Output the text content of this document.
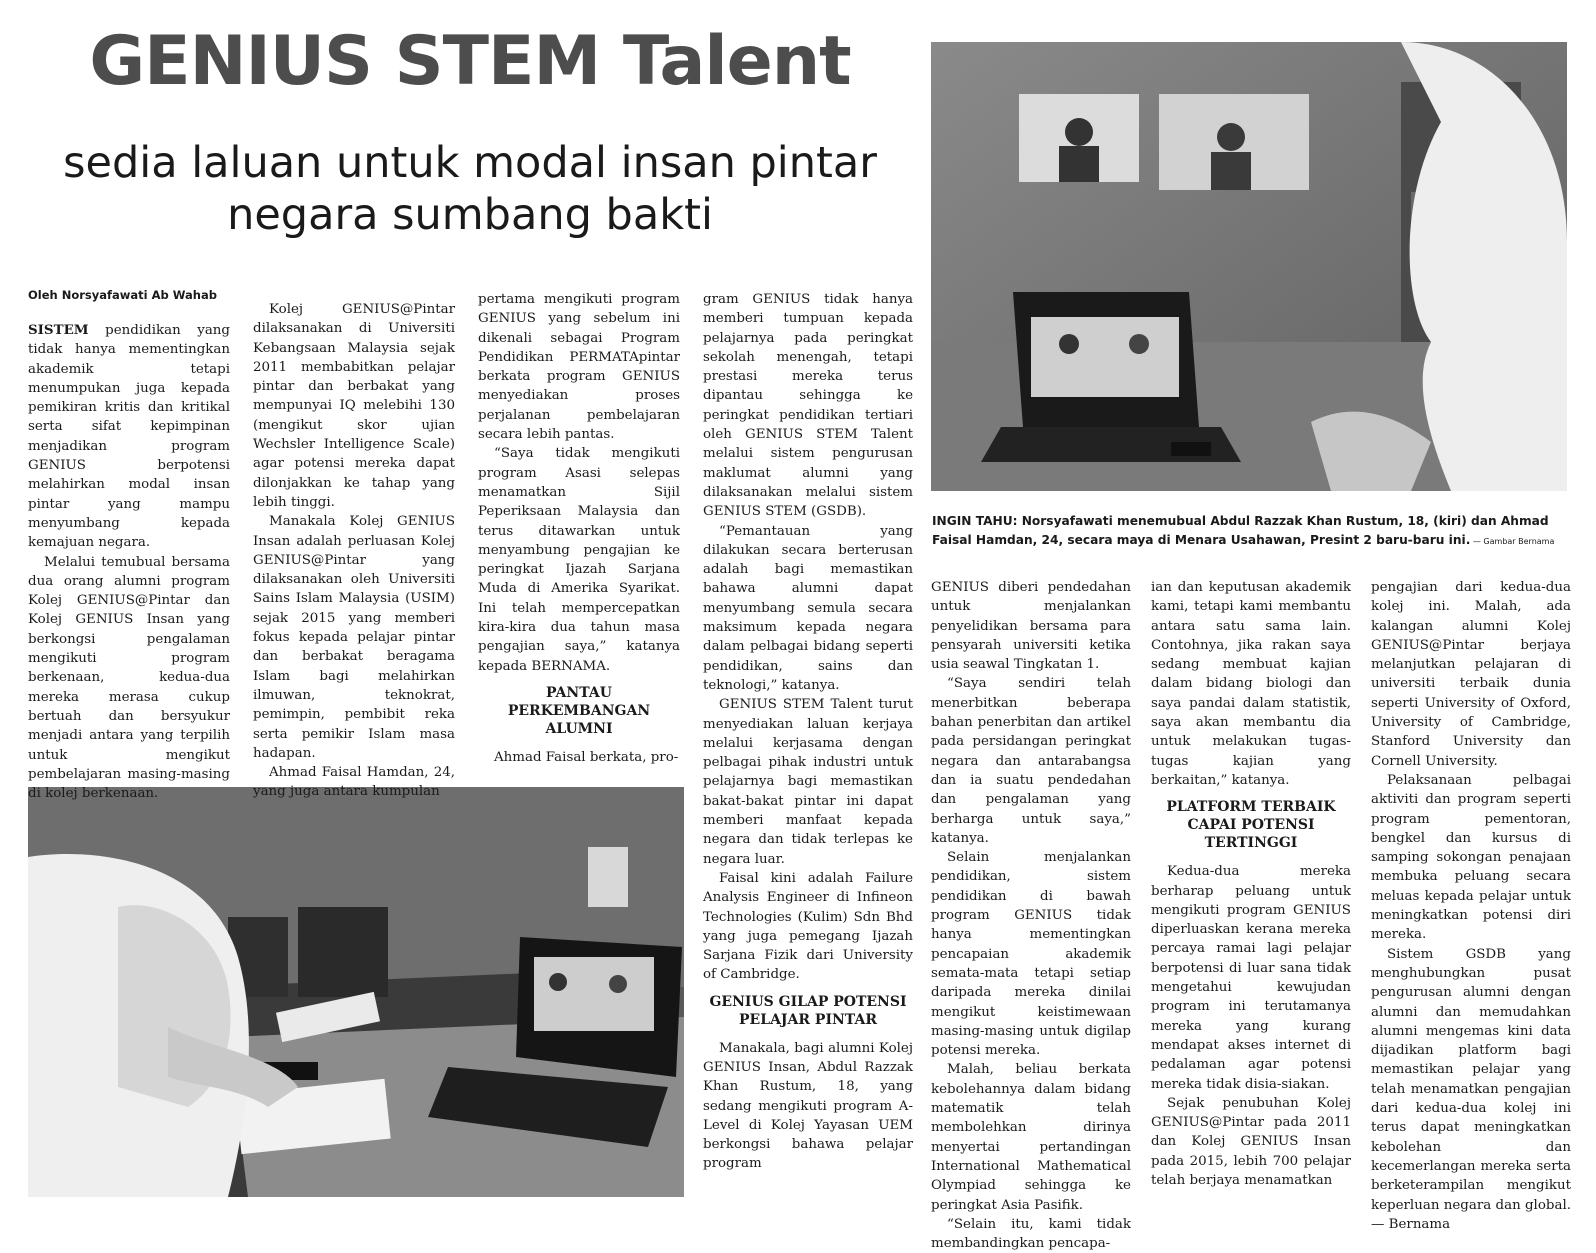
GENIUS STEM Talent
sedia laluan untuk modal insan pintar negara sumbang bakti
Oleh Norsyafawati Ab Wahab
INGIN TAHU: Norsyafawati menemubual Abdul Razzak Khan Rustum, 18, (kiri) dan Ahmad Faisal Hamdan, 24, secara maya di Menara Usahawan, Presint 2 baru-baru ini. — Gambar Bernama

SISTEM pendidikan yang tidak hanya mementingkan akademik tetapi menumpukan juga kepada pemikiran kritis dan kritikal serta sifat kepimpinan menjadikan program GENIUS berpotensi melahirkan modal insan pintar yang mampu menyumbang kepada kemajuan negara.

Melalui temubual bersama dua orang alumni program Kolej GENIUS@Pintar dan Kolej GENIUS Insan yang berkongsi pengalaman mengikuti program berkenaan, kedua-dua mereka merasa cukup bertuah dan bersyukur menjadi antara yang terpilih untuk mengikut pembelajaran masing-masing di kolej berkenaan.

Kolej GENIUS@Pintar dilaksanakan di Universiti Kebangsaan Malaysia sejak 2011 membabitkan pelajar pintar dan berbakat yang mempunyai IQ melebihi 130 (mengikut skor ujian Wechsler Intelligence Scale) agar potensi mereka dapat dilonjakkan ke tahap yang lebih tinggi.

Manakala Kolej GENIUS Insan adalah perluasan Kolej GENIUS@Pintar yang dilaksanakan oleh Universiti Sains Islam Malaysia (USIM) sejak 2015 yang memberi fokus kepada pelajar pintar dan berbakat beragama Islam bagi melahirkan ilmuwan, teknokrat, pemimpin, pembibit reka serta pemikir Islam masa hadapan.

Ahmad Faisal Hamdan, 24, yang juga antara kumpulan

pertama mengikuti program GENIUS yang sebelum ini dikenali sebagai Program Pendidikan PERMATApintar berkata program GENIUS menyediakan proses perjalanan pembelajaran secara lebih pantas.

“Saya tidak mengikuti program Asasi selepas menamatkan Sijil Peperiksaan Malaysia dan terus ditawarkan untuk menyambung pengajian ke peringkat Ijazah Sarjana Muda di Amerika Syarikat. Ini telah mempercepatkan kira-kira dua tahun masa pengajian saya,” katanya kepada BERNAMA.

PANTAU PERKEMBANGAN ALUMNI

Ahmad Faisal berkata, pro-

gram GENIUS tidak hanya memberi tumpuan kepada pelajarnya pada peringkat sekolah menengah, tetapi prestasi mereka terus dipantau sehingga ke peringkat pendidikan tertiari oleh GENIUS STEM Talent melalui sistem pengurusan maklumat alumni yang dilaksanakan melalui sistem GENIUS STEM (GSDB).

“Pemantauan yang dilakukan secara berterusan adalah bagi memastikan bahawa alumni dapat menyumbang semula secara maksimum kepada negara dalam pelbagai bidang seperti pendidikan, sains dan teknologi,” katanya.

GENIUS STEM Talent turut menyediakan laluan kerjaya melalui kerjasama dengan pelbagai pihak industri untuk pelajarnya bagi memastikan bakat-bakat pintar ini dapat memberi manfaat kepada negara dan tidak terlepas ke negara luar.

Faisal kini adalah Failure Analysis Engineer di Infineon Technologies (Kulim) Sdn Bhd yang juga pemegang Ijazah Sarjana Fizik dari University of Cambridge.

GENIUS GILAP POTENSI PELAJAR PINTAR

Manakala, bagi alumni Kolej GENIUS Insan, Abdul Razzak Khan Rustum, 18, yang sedang mengikuti program A-Level di Kolej Yayasan UEM berkongsi bahawa pelajar program

GENIUS diberi pendedahan untuk menjalankan penyelidikan bersama para pensyarah universiti ketika usia seawal Tingkatan 1.

“Saya sendiri telah menerbitkan beberapa bahan penerbitan dan artikel pada persidangan peringkat negara dan antarabangsa dan ia suatu pendedahan dan pengalaman yang berharga untuk saya,” katanya.

Selain menjalankan pendidikan, sistem pendidikan di bawah program GENIUS tidak hanya mementingkan pencapaian akademik semata-mata tetapi setiap daripada mereka dinilai mengikut keistimewaan masing-masing untuk digilap potensi mereka.

Malah, beliau berkata kebolehannya dalam bidang matematik telah membolehkan dirinya menyertai pertandingan International Mathematical Olympiad sehingga ke peringkat Asia Pasifik.

“Selain itu, kami tidak membandingkan pencapa-

ian dan keputusan akademik kami, tetapi kami membantu antara satu sama lain. Contohnya, jika rakan saya sedang membuat kajian dalam bidang biologi dan saya pandai dalam statistik, saya akan membantu dia untuk melakukan tugas-tugas kajian yang berkaitan,” katanya.

PLATFORM TERBAIK CAPAI POTENSI TERTINGGI

Kedua-dua mereka berharap peluang untuk mengikuti program GENIUS diperluaskan kerana mereka percaya ramai lagi pelajar berpotensi di luar sana tidak mengetahui kewujudan program ini terutamanya mereka yang kurang mendapat akses internet di pedalaman agar potensi mereka tidak disia-siakan.

Sejak penubuhan Kolej GENIUS@Pintar pada 2011 dan Kolej GENIUS Insan pada 2015, lebih 700 pelajar telah berjaya menamatkan

pengajian dari kedua-dua kolej ini. Malah, ada kalangan alumni Kolej GENIUS@Pintar berjaya melanjutkan pelajaran di universiti terbaik dunia seperti University of Oxford, University of Cambridge, Stanford University dan Cornell University.

Pelaksanaan pelbagai aktiviti dan program seperti program pementoran, bengkel dan kursus di samping sokongan penajaan membuka peluang secara meluas kepada pelajar untuk meningkatkan potensi diri mereka.

Sistem GSDB yang menghubungkan pusat pengurusan alumni dengan alumni dan memudahkan alumni mengemas kini data dijadikan platform bagi memastikan pelajar yang telah menamatkan pengajian dari kedua-dua kolej ini terus dapat meningkatkan kebolehan dan kecemerlangan mereka serta berketerampilan mengikut keperluan negara dan global. — Bernama
